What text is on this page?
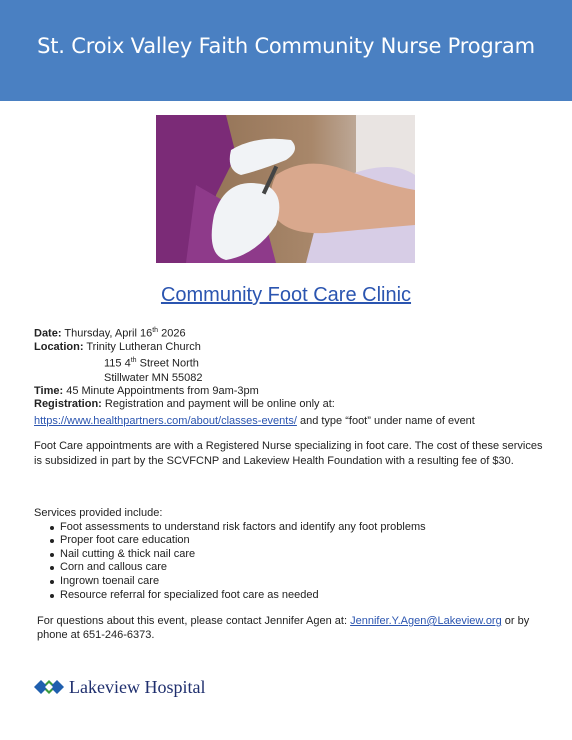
St. Croix Valley Faith Community Nurse Program
Community Foot Care Clinic
Date: Thursday, April 16th 2026
Location: Trinity Lutheran Church
115 4th Street North
Stillwater MN 55082
Time: 45 Minute Appointments from 9am-3pm
Registration: Registration and payment will be online only at:
https://www.healthpartners.com/about/classes-events/ and type “foot” under name of event
Foot Care appointments are with a Registered Nurse specializing in foot care. The cost of these services is subsidized in part by the SCVFCNP and Lakeview Health Foundation with a resulting fee of $30.
Services provided include:
Foot assessments to understand risk factors and identify any foot problems
Proper foot care education
Nail cutting & thick nail care
Corn and callous care
Ingrown toenail care
Resource referral for specialized foot care as needed
For questions about this event, please contact Jennifer Agen at: Jennifer.Y.Agen@Lakeview.org or by phone at 651-246-6373.
Lakeview Hospital
